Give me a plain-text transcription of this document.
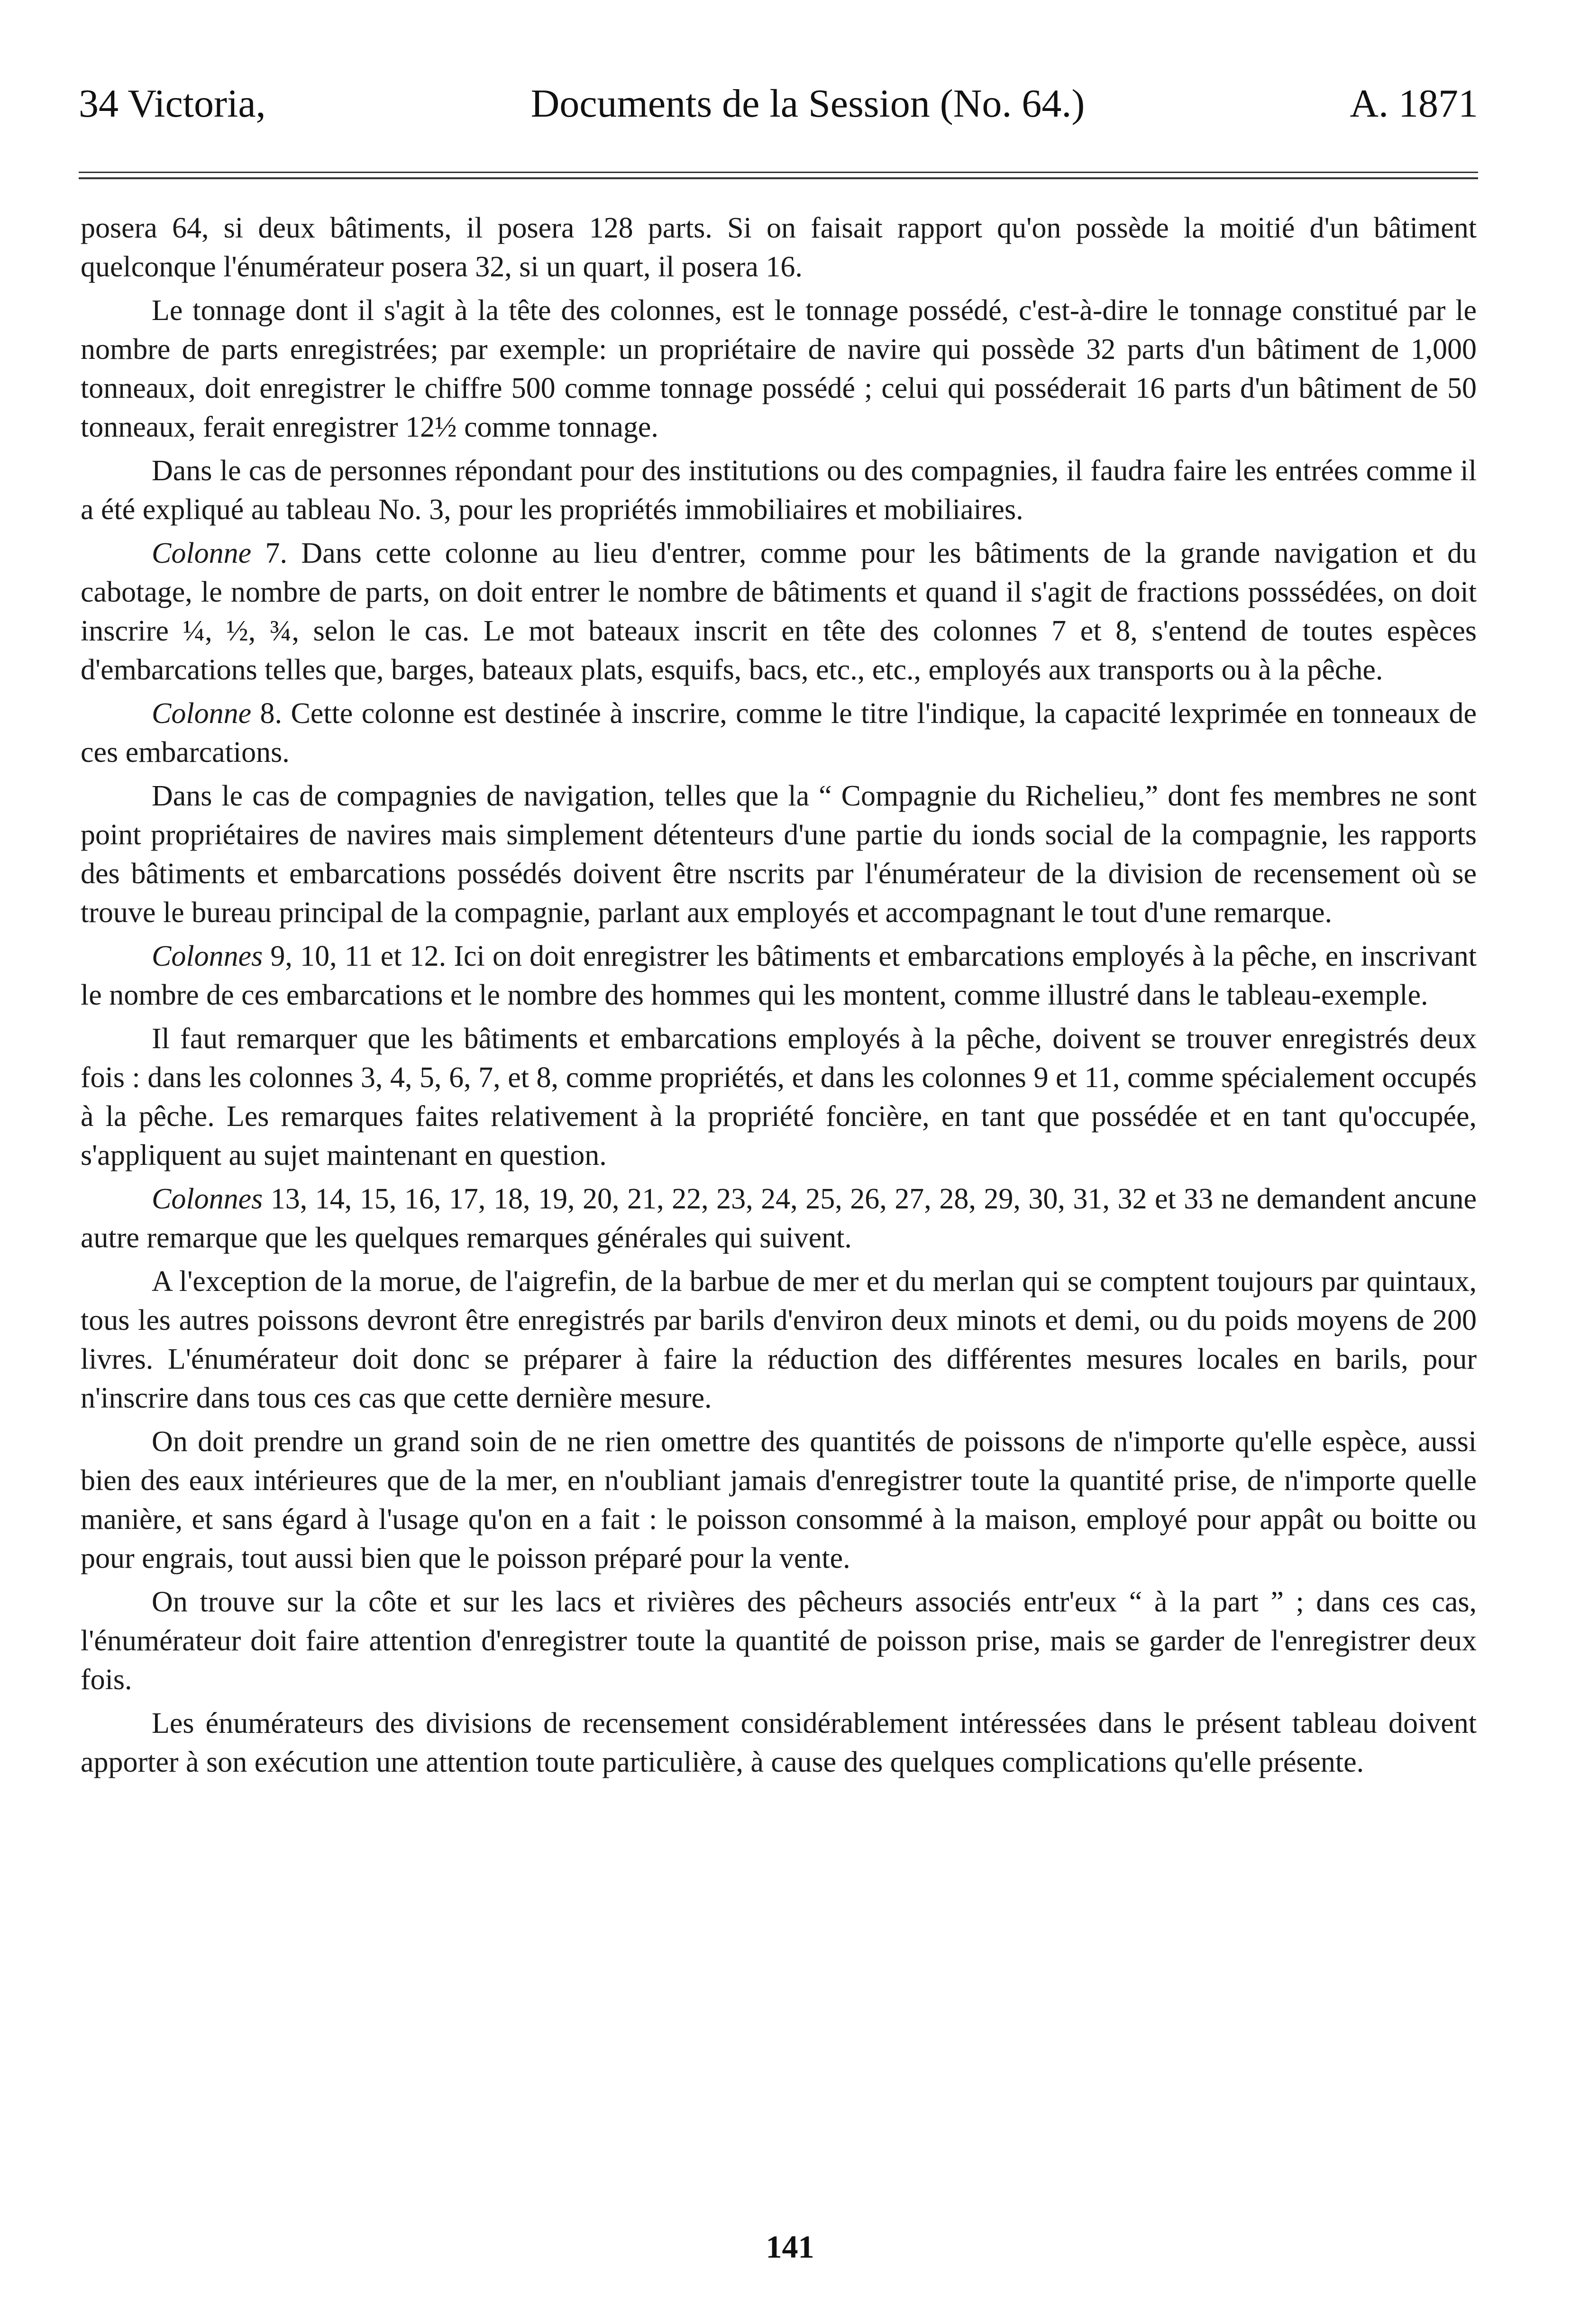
34 Victoria,	Documents de la Session (No. 64.)	A. 1871

posera 64, si deux bâtiments, il posera 128 parts. Si on faisait rapport qu'on possède la moitié d'un bâtiment quelconque l'énumérateur posera 32, si un quart, il posera 16.

Le tonnage dont il s'agit à la tête des colonnes, est le tonnage possédé, c'est-à-dire le tonnage constitué par le nombre de parts enregistrées; par exemple: un propriétaire de navire qui possède 32 parts d'un bâtiment de 1,000 tonneaux, doit enregistrer le chiffre 500 comme tonnage possédé ; celui qui posséderait 16 parts d'un bâtiment de 50 tonneaux, ferait enregistrer 12½ comme tonnage.

Dans le cas de personnes répondant pour des institutions ou des compagnies, il faudra faire les entrées comme il a été expliqué au tableau No. 3, pour les propriétés immobiliaires et mobiliaires.

Colonne 7. Dans cette colonne au lieu d'entrer, comme pour les bâtiments de la grande navigation et du cabotage, le nombre de parts, on doit entrer le nombre de bâtiments et quand il s'agit de fractions posssédées, on doit inscrire ¼, ½, ¾, selon le cas. Le mot bateaux inscrit en tête des colonnes 7 et 8, s'entend de toutes espèces d'embarcations telles que, barges, bateaux plats, esquifs, bacs, etc., etc., employés aux transports ou à la pêche.

Colonne 8. Cette colonne est destinée à inscrire, comme le titre l'indique, la capacité lexprimée en tonneaux de ces embarcations.

Dans le cas de compagnies de navigation, telles que la “ Compagnie du Richelieu,” dont fes membres ne sont point propriétaires de navires mais simplement détenteurs d'une partie du ionds social de la compagnie, les rapports des bâtiments et embarcations possédés doivent être nscrits par l'énumérateur de la division de recensement où se trouve le bureau principal de la compagnie, parlant aux employés et accompagnant le tout d'une remarque.

Colonnes 9, 10, 11 et 12. Ici on doit enregistrer les bâtiments et embarcations employés à la pêche, en inscrivant le nombre de ces embarcations et le nombre des hommes qui les montent, comme illustré dans le tableau-exemple.

Il faut remarquer que les bâtiments et embarcations employés à la pêche, doivent se trouver enregistrés deux fois : dans les colonnes 3, 4, 5, 6, 7, et 8, comme propriétés, et dans les colonnes 9 et 11, comme spécialement occupés à la pêche. Les remarques faites relativement à la propriété foncière, en tant que possédée et en tant qu'occupée, s'appliquent au sujet maintenant en question.

Colonnes 13, 14, 15, 16, 17, 18, 19, 20, 21, 22, 23, 24, 25, 26, 27, 28, 29, 30, 31, 32 et 33 ne demandent ancune autre remarque que les quelques remarques générales qui suivent.

A l'exception de la morue, de l'aigrefin, de la barbue de mer et du merlan qui se comptent toujours par quintaux, tous les autres poissons devront être enregistrés par barils d'environ deux minots et demi, ou du poids moyens de 200 livres. L'énumérateur doit donc se préparer à faire la réduction des différentes mesures locales en barils, pour n'inscrire dans tous ces cas que cette dernière mesure.

On doit prendre un grand soin de ne rien omettre des quantités de poissons de n'importe qu'elle espèce, aussi bien des eaux intérieures que de la mer, en n'oubliant jamais d'enregistrer toute la quantité prise, de n'importe quelle manière, et sans égard à l'usage qu'on en a fait : le poisson consommé à la maison, employé pour appât ou boitte ou pour engrais, tout aussi bien que le poisson préparé pour la vente.

On trouve sur la côte et sur les lacs et rivières des pêcheurs associés entr'eux “ à la part ” ; dans ces cas, l'énumérateur doit faire attention d'enregistrer toute la quantité de poisson prise, mais se garder de l'enregistrer deux fois.

Les énumérateurs des divisions de recensement considérablement intéressées dans le présent tableau doivent apporter à son exécution une attention toute particulière, à cause des quelques complications qu'elle présente.

141
